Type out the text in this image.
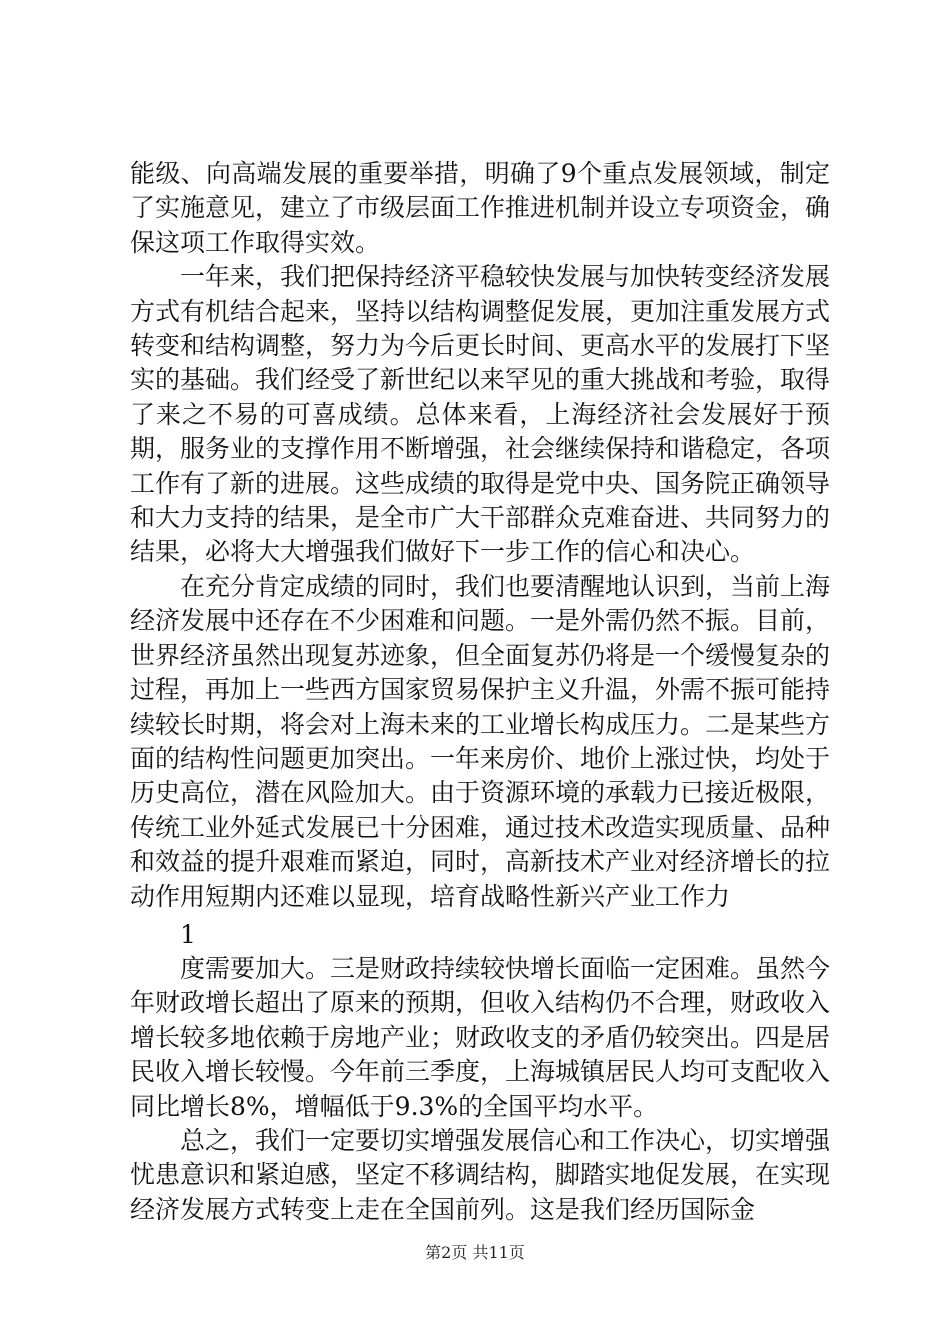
能级、向高端发展的重要举措，明确了9个重点发展领域，制定了实施意见，建立了市级层面工作推进机制并设立专项资金，确保这项工作取得实效。

一年来，我们把保持经济平稳较快发展与加快转变经济发展方式有机结合起来，坚持以结构调整促发展，更加注重发展方式转变和结构调整，努力为今后更长时间、更高水平的发展打下坚实的基础。我们经受了新世纪以来罕见的重大挑战和考验，取得了来之不易的可喜成绩。总体来看，上海经济社会发展好于预期，服务业的支撑作用不断增强，社会继续保持和谐稳定，各项工作有了新的进展。这些成绩的取得是党中央、国务院正确领导和大力支持的结果，是全市广大干部群众克难奋进、共同努力的结果，必将大大增强我们做好下一步工作的信心和决心。

在充分肯定成绩的同时，我们也要清醒地认识到，当前上海经济发展中还存在不少困难和问题。一是外需仍然不振。目前，世界经济虽然出现复苏迹象，但全面复苏仍将是一个缓慢复杂的过程，再加上一些西方国家贸易保护主义升温，外需不振可能持续较长时期，将会对上海未来的工业增长构成压力。二是某些方面的结构性问题更加突出。一年来房价、地价上涨过快，均处于历史高位，潜在风险加大。由于资源环境的承载力已接近极限，传统工业外延式发展已十分困难，通过技术改造实现质量、品种和效益的提升艰难而紧迫，同时，高新技术产业对经济增长的拉动作用短期内还难以显现，培育战略性新兴产业工作力

1

度需要加大。三是财政持续较快增长面临一定困难。虽然今年财政增长超出了原来的预期，但收入结构仍不合理，财政收入增长较多地依赖于房地产业；财政收支的矛盾仍较突出。四是居民收入增长较慢。今年前三季度，上海城镇居民人均可支配收入同比增长8%，增幅低于9.3%的全国平均水平。

总之，我们一定要切实增强发展信心和工作决心，切实增强忧患意识和紧迫感，坚定不移调结构，脚踏实地促发展，在实现经济发展方式转变上走在全国前列。这是我们经历国际金

第2页 共11页
